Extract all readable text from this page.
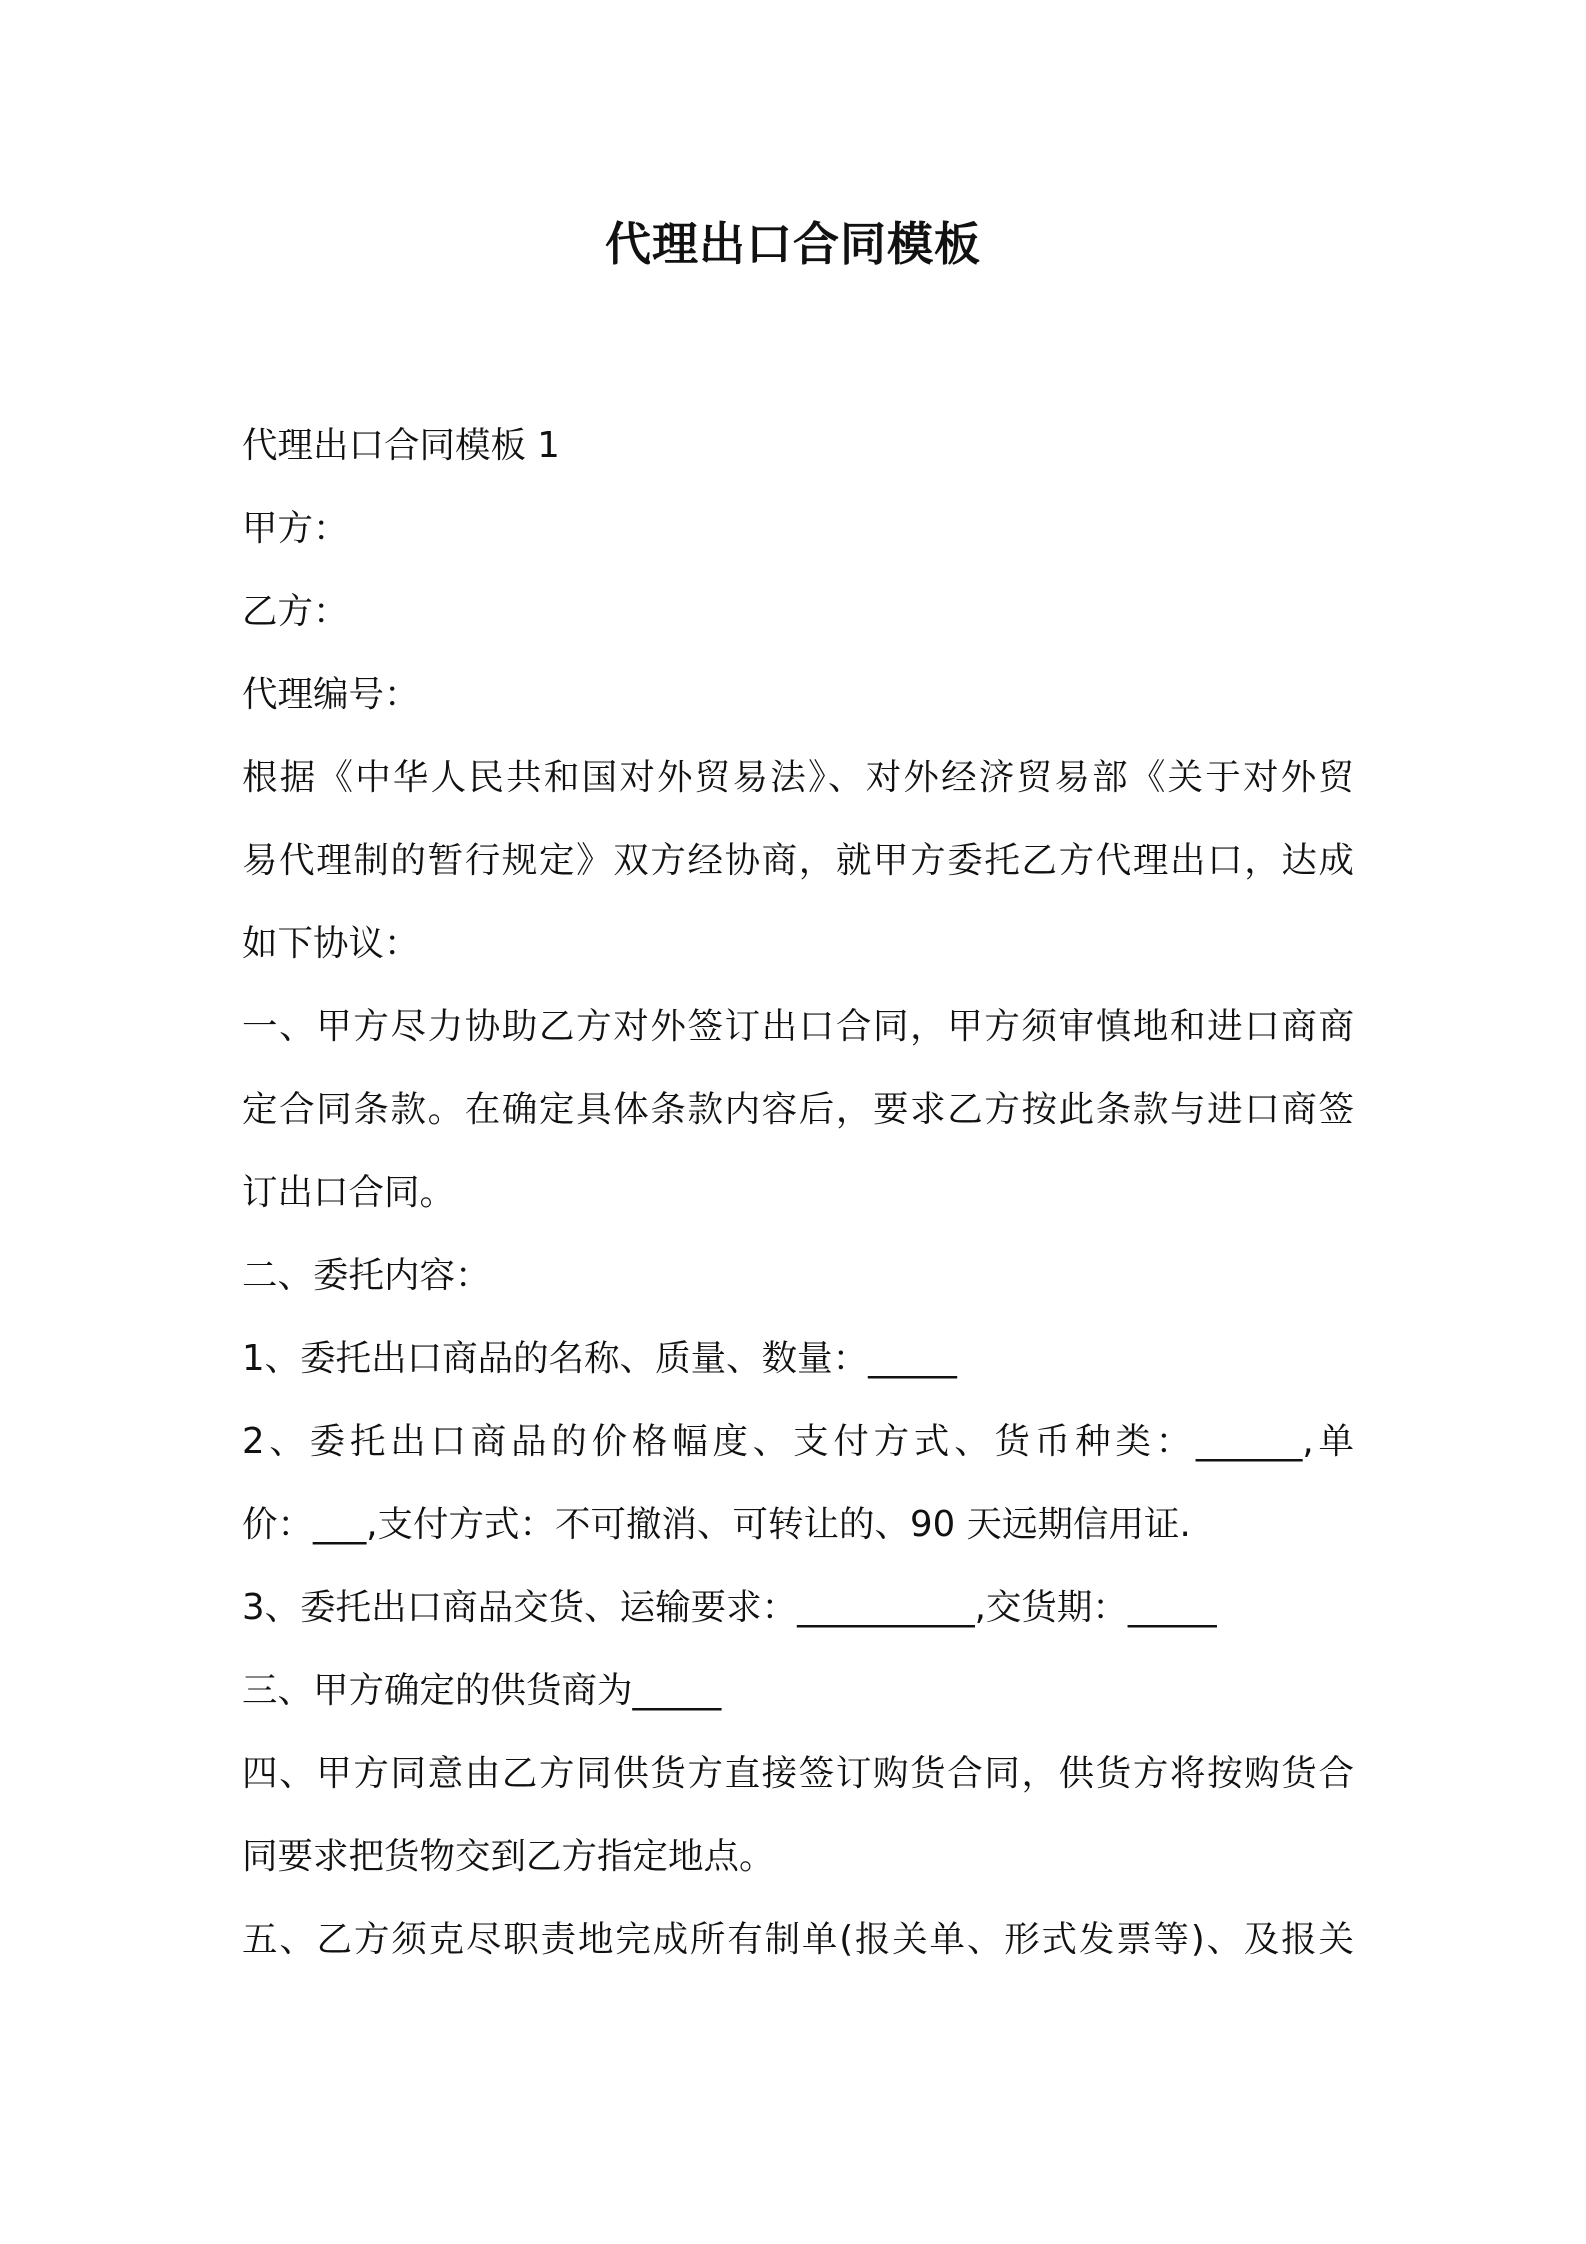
代理出口合同模板
代理出口合同模板 1
甲方：
乙方：
代理编号：
根据《中华人民共和国对外贸易法》、对外经济贸易部《关于对外贸
易代理制的暂行规定》双方经协商，就甲方委托乙方代理出口，达成
如下协议：
一、甲方尽力协助乙方对外签订出口合同，甲方须审慎地和进口商商
定合同条款。在确定具体条款内容后，要求乙方按此条款与进口商签
订出口合同。
二、委托内容：
1、委托出口商品的名称、质量、数量：_____
2、委托出口商品的价格幅度、支付方式、货币种类：______,单
价：___,支付方式：不可撤消、可转让的、90 天远期信用证.
3、委托出口商品交货、运输要求：__________,交货期：_____
三、甲方确定的供货商为_____
四、甲方同意由乙方同供货方直接签订购货合同，供货方将按购货合
同要求把货物交到乙方指定地点。
五、乙方须克尽职责地完成所有制单(报关单、形式发票等)、及报关
